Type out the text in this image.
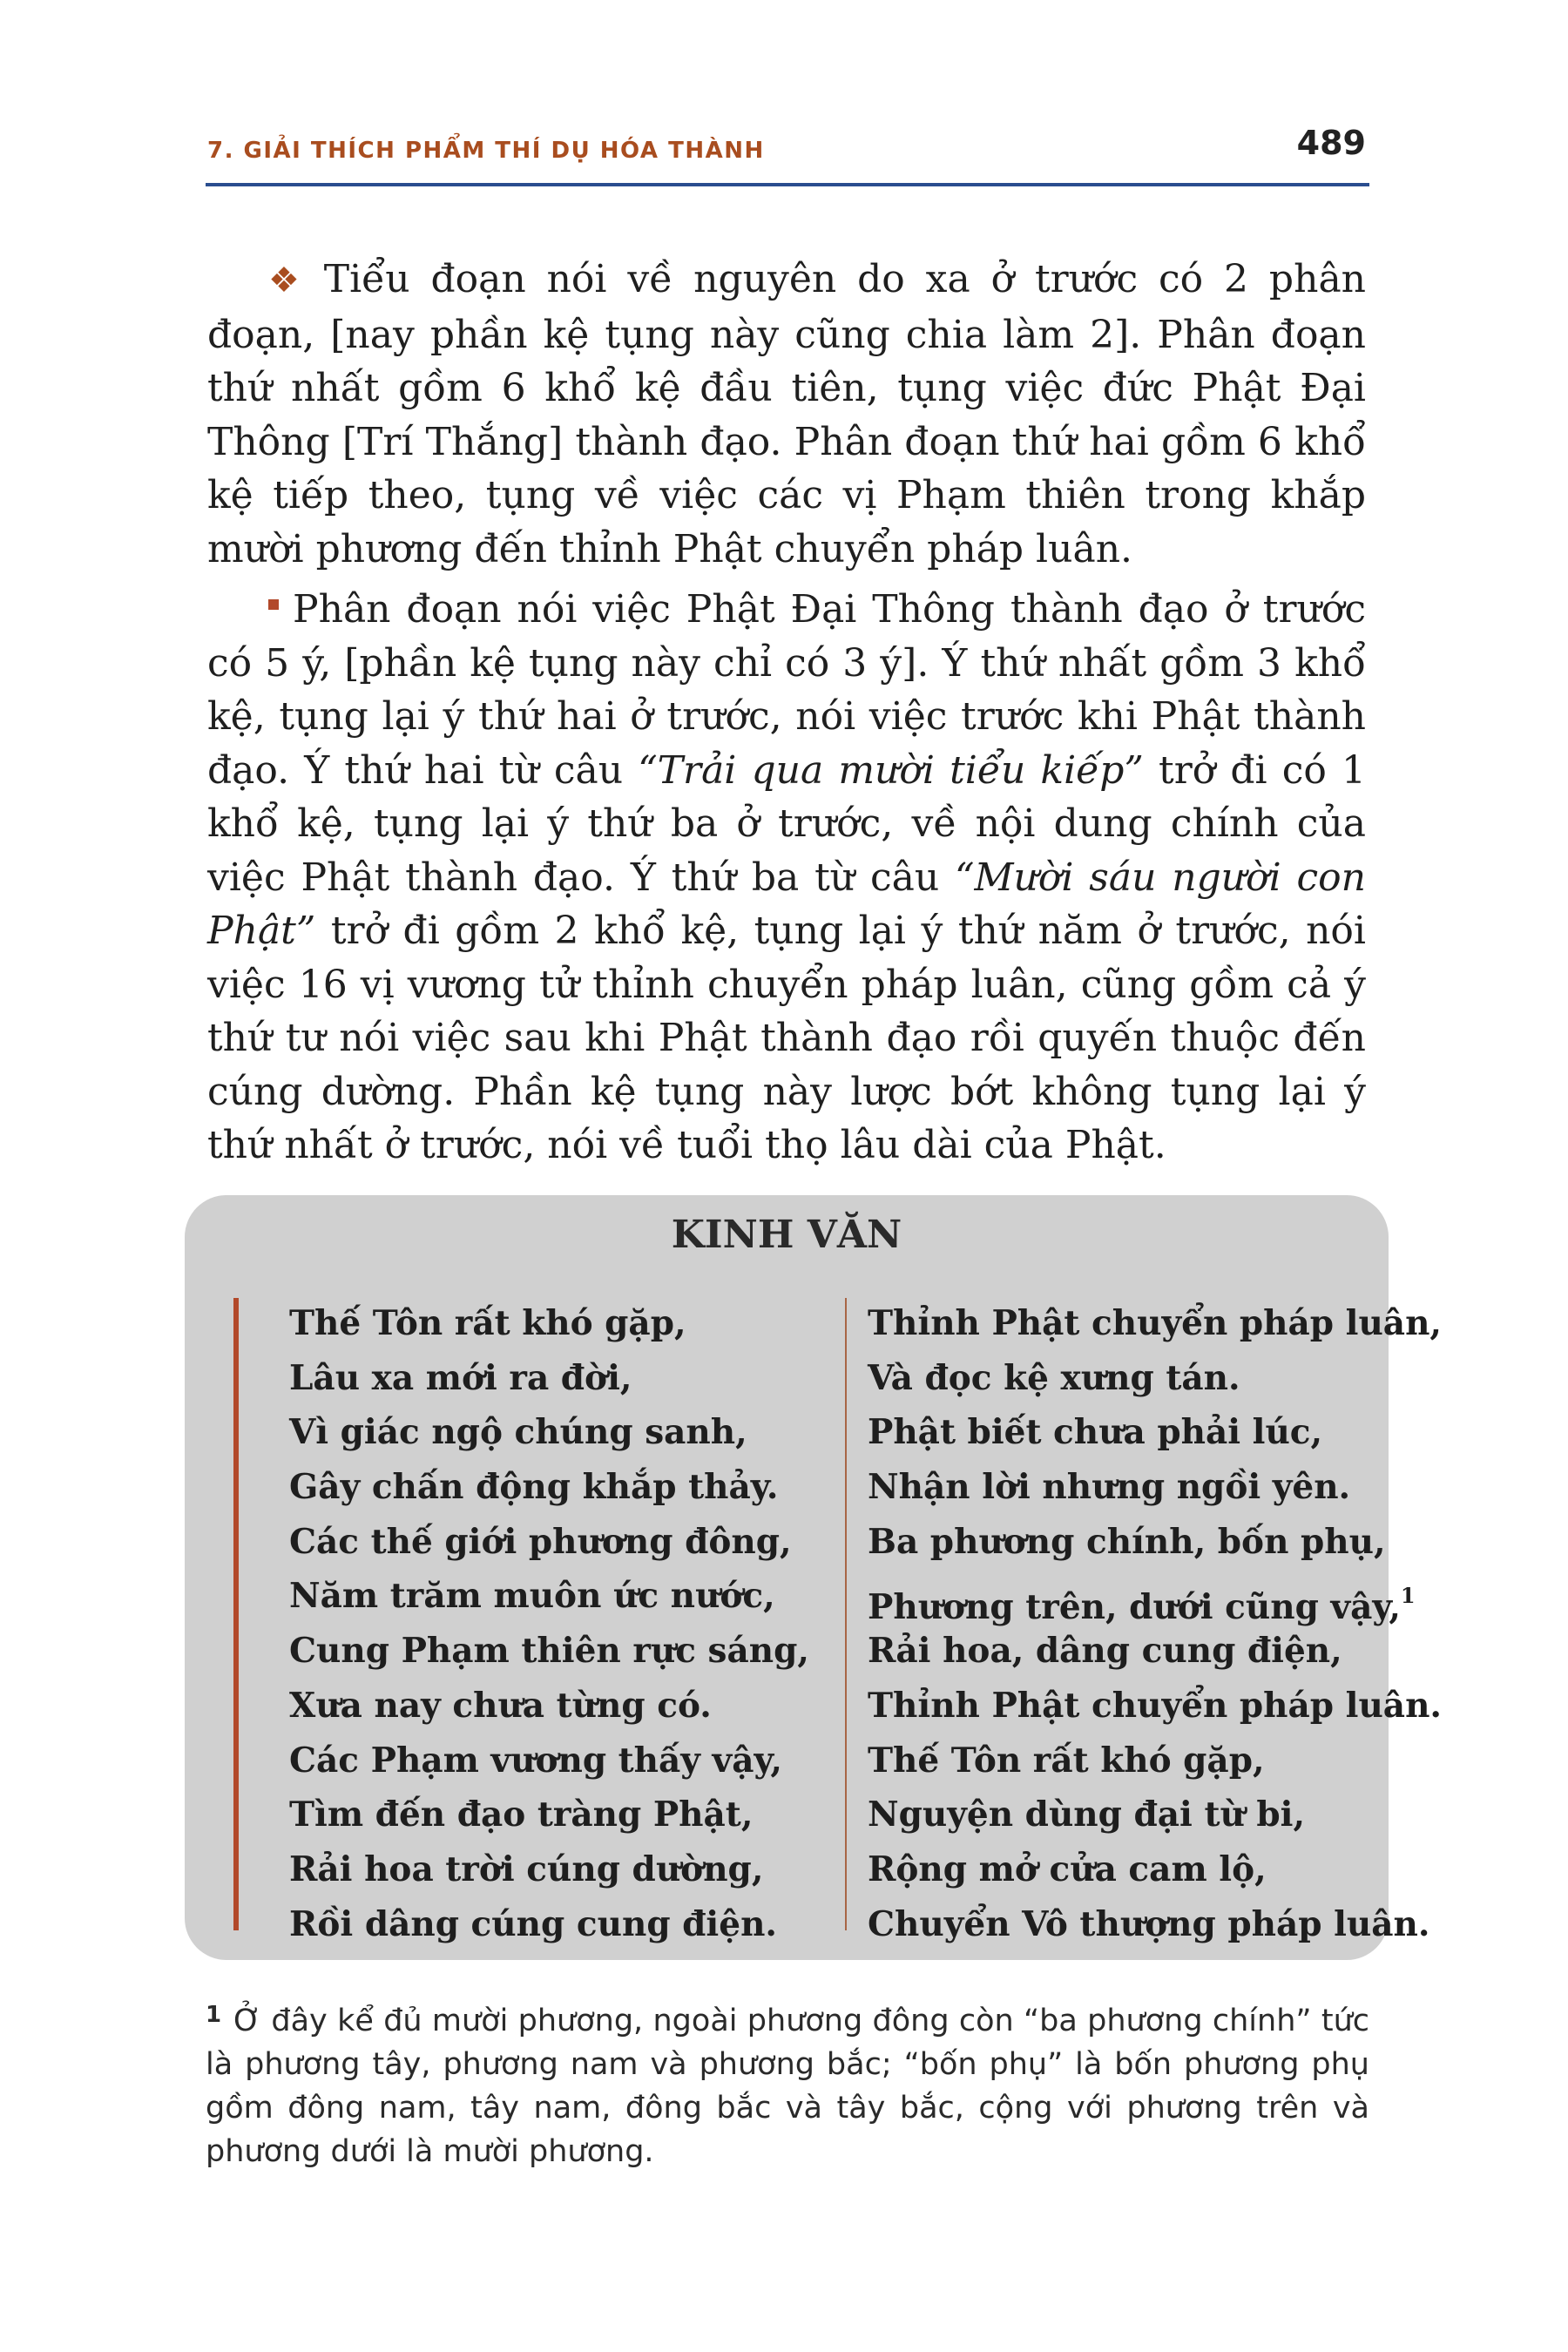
7. GIẢI THÍCH PHẨM THÍ DỤ HÓA THÀNH	489

❖ Tiểu đoạn nói về nguyên do xa ở trước có 2 phân đoạn, [nay phần kệ tụng này cũng chia làm 2]. Phân đoạn thứ nhất gồm 6 khổ kệ đầu tiên, tụng việc đức Phật Đại Thông [Trí Thắng] thành đạo. Phân đoạn thứ hai gồm 6 khổ kệ tiếp theo, tụng về việc các vị Phạm thiên trong khắp mười phương đến thỉnh Phật chuyển pháp luân.

Phân đoạn nói việc Phật Đại Thông thành đạo ở trước có 5 ý, [phần kệ tụng này chỉ có 3 ý]. Ý thứ nhất gồm 3 khổ kệ, tụng lại ý thứ hai ở trước, nói việc trước khi Phật thành đạo. Ý thứ hai từ câu “Trải qua mười tiểu kiếp” trở đi có 1 khổ kệ, tụng lại ý thứ ba ở trước, về nội dung chính của việc Phật thành đạo. Ý thứ ba từ câu “Mười sáu người con Phật” trở đi gồm 2 khổ kệ, tụng lại ý thứ năm ở trước, nói việc 16 vị vương tử thỉnh chuyển pháp luân, cũng gồm cả ý thứ tư nói việc sau khi Phật thành đạo rồi quyến thuộc đến cúng dường. Phần kệ tụng này lược bớt không tụng lại ý thứ nhất ở trước, nói về tuổi thọ lâu dài của Phật.

KINH VĂN
Thế Tôn rất khó gặp,
Lâu xa mới ra đời,
Vì giác ngộ chúng sanh,
Gây chấn động khắp thảy.
Các thế giới phương đông,
Năm trăm muôn ức nước,
Cung Phạm thiên rực sáng,
Xưa nay chưa từng có.
Các Phạm vương thấy vậy,
Tìm đến đạo tràng Phật,
Rải hoa trời cúng dường,
Rồi dâng cúng cung điện.
Thỉnh Phật chuyển pháp luân,
Và đọc kệ xưng tán.
Phật biết chưa phải lúc,
Nhận lời nhưng ngồi yên.
Ba phương chính, bốn phụ,
Phương trên, dưới cũng vậy,$^1$
Rải hoa, dâng cung điện,
Thỉnh Phật chuyển pháp luân.
Thế Tôn rất khó gặp,
Nguyện dùng đại từ bi,
Rộng mở cửa cam lộ,
Chuyển Vô thượng pháp luân.
$^1$ Ở đây kể đủ mười phương, ngoài phương đông còn “ba phương chính” tức là phương tây, phương nam và phương bắc; “bốn phụ” là bốn phương phụ gồm đông nam, tây nam, đông bắc và tây bắc, cộng với phương trên và phương dưới là mười phương.
